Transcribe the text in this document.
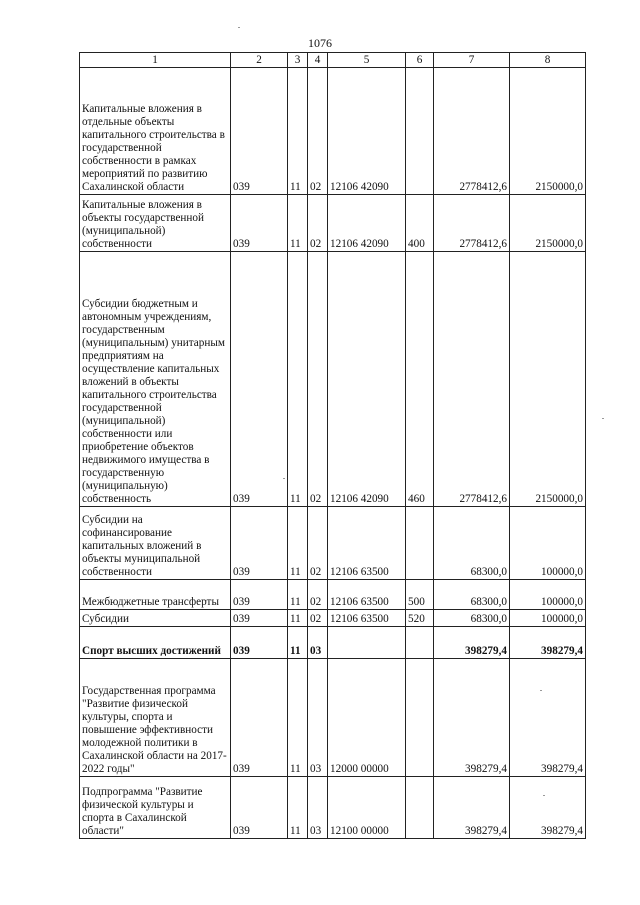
1076
1	2	3	4	5	6	7	8
Капитальные вложения в отдельные объекты капитального строительства в государственной собственности в рамках мероприятий по развитию Сахалинской области	039	11	02	12106 42090		2778412,6	2150000,0
Капитальные вложения в объекты государственной (муниципальной) собственности	039	11	02	12106 42090	400	2778412,6	2150000,0
Субсидии бюджетным и автономным учреждениям, государственным (муниципальным) унитарным предприятиям на осуществление капитальных вложений в объекты капитального строительства государственной (муниципальной) собственности или приобретение объектов недвижимого имущества в государственную (муниципальную) собственность	039	11	02	12106 42090	460	2778412,6	2150000,0
Субсидии на софинансирование капитальных вложений в объекты муниципальной собственности	039	11	02	12106 63500		68300,0	100000,0
Межбюджетные трансферты	039	11	02	12106 63500	500	68300,0	100000,0
Субсидии	039	11	02	12106 63500	520	68300,0	100000,0
Спорт высших достижений	039	11	03			398279,4	398279,4
Государственная программа "Развитие физической культуры, спорта и повышение эффективности молодежной политики в Сахалинской области на 2017-2022 годы"	039	11	03	12000 00000		398279,4	398279,4
Подпрограмма "Развитие физической культуры и спорта в Сахалинской области"	039	11	03	12100 00000		398279,4	398279,4
